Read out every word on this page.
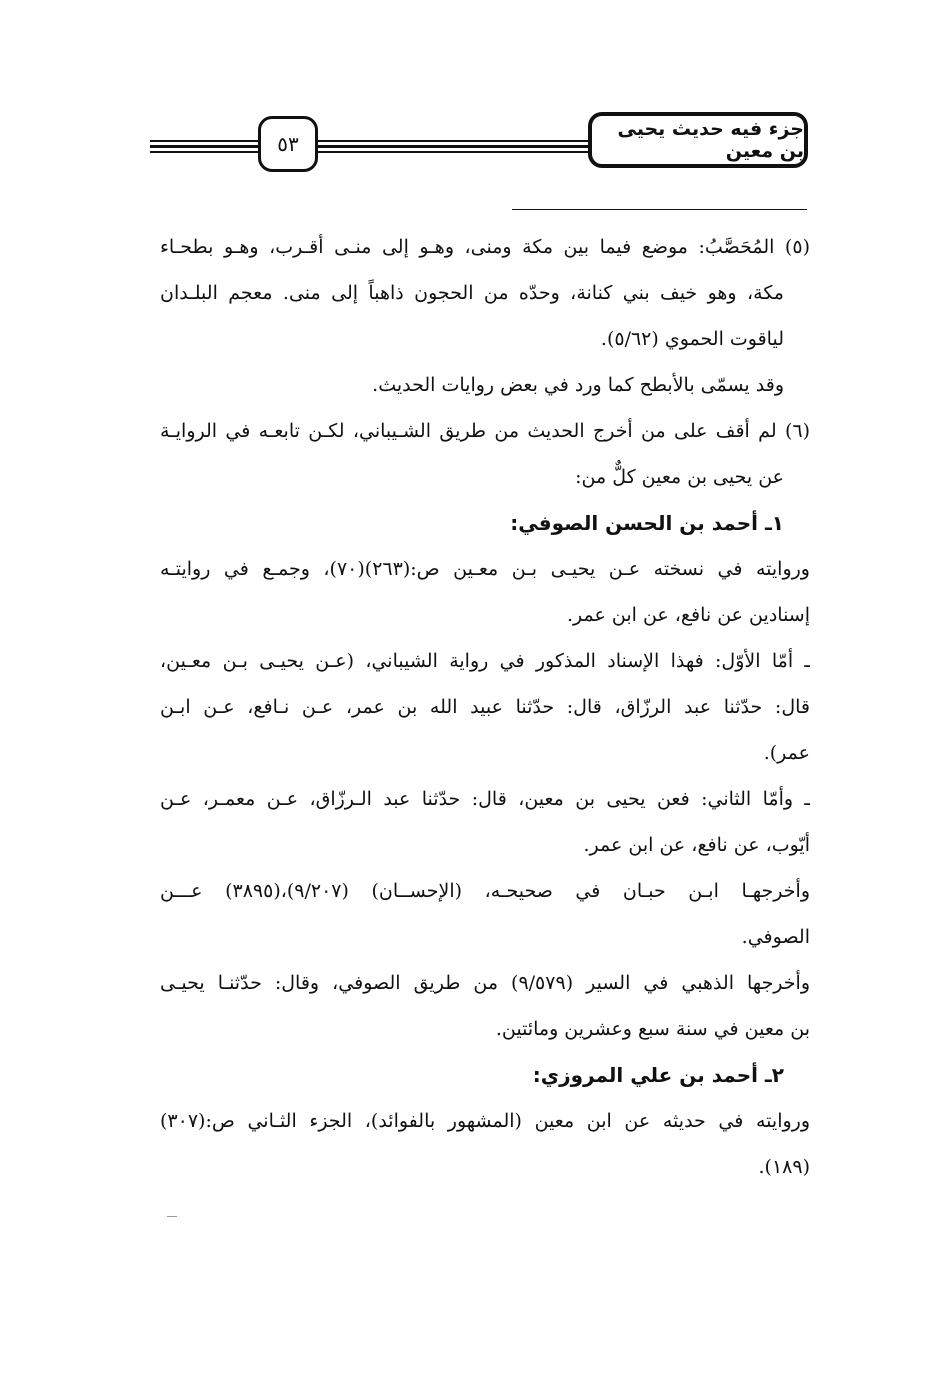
٥٣
جزء فيه حديث يحيى بن معين
(٥) المُحَصَّبُ: موضع فيما بين مكة ومنى، وهـو إلى منـى أقـرب، وهـو بطحـاء
مكة، وهو خيف بني كنانة، وحدّه من الحجون ذاهباً إلى منى. معجم البلـدان
لياقوت الحموي (٥/٦٢).
وقد يسمّى بالأبطح كما ورد في بعض روايات الحديث.
(٦) لم أقف على من أخرج الحديث من طريق الشـيباني، لكـن تابعـه في الروايـة
عن يحيى بن معين كلٌّ من:
١ـ أحمد بن الحسن الصوفي:
وروايته في نسخته عـن يحيـى بـن معـين ص:(٢٦٣)(٧٠)، وجمـع في روايتـه
إسنادين عن نافع، عن ابن عمر.
ـ أمّا الأوّل: فهذا الإسناد المذكور في رواية الشيباني، (عـن يحيـى بـن معـين،
قال: حدّثنا عبد الرزّاق، قال: حدّثنا عبيد الله بن عمر، عـن نـافع، عـن ابـن
عمر).
ـ وأمّا الثاني: فعن يحيى بن معين، قال: حدّثنا عبد الـرزّاق، عـن معمـر، عـن
أيّوب، عن نافع، عن ابن عمر.
وأخرجهـا ابـن حبـان في صحيحـه، (الإحســان) (٩/٢٠٧)،(٣٨٩٥) عـــن
الصوفي.
وأخرجها الذهبي في السير (٩/٥٧٩) من طريق الصوفي، وقال: حدّثنـا يحيـى
بن معين في سنة سبع وعشرين ومائتين.
٢ـ أحمد بن علي المروزي:
وروايته في حديثه عن ابن معين (المشهور بالفوائد)، الجزء الثـاني ص:(٣٠٧)
(١٨٩).
